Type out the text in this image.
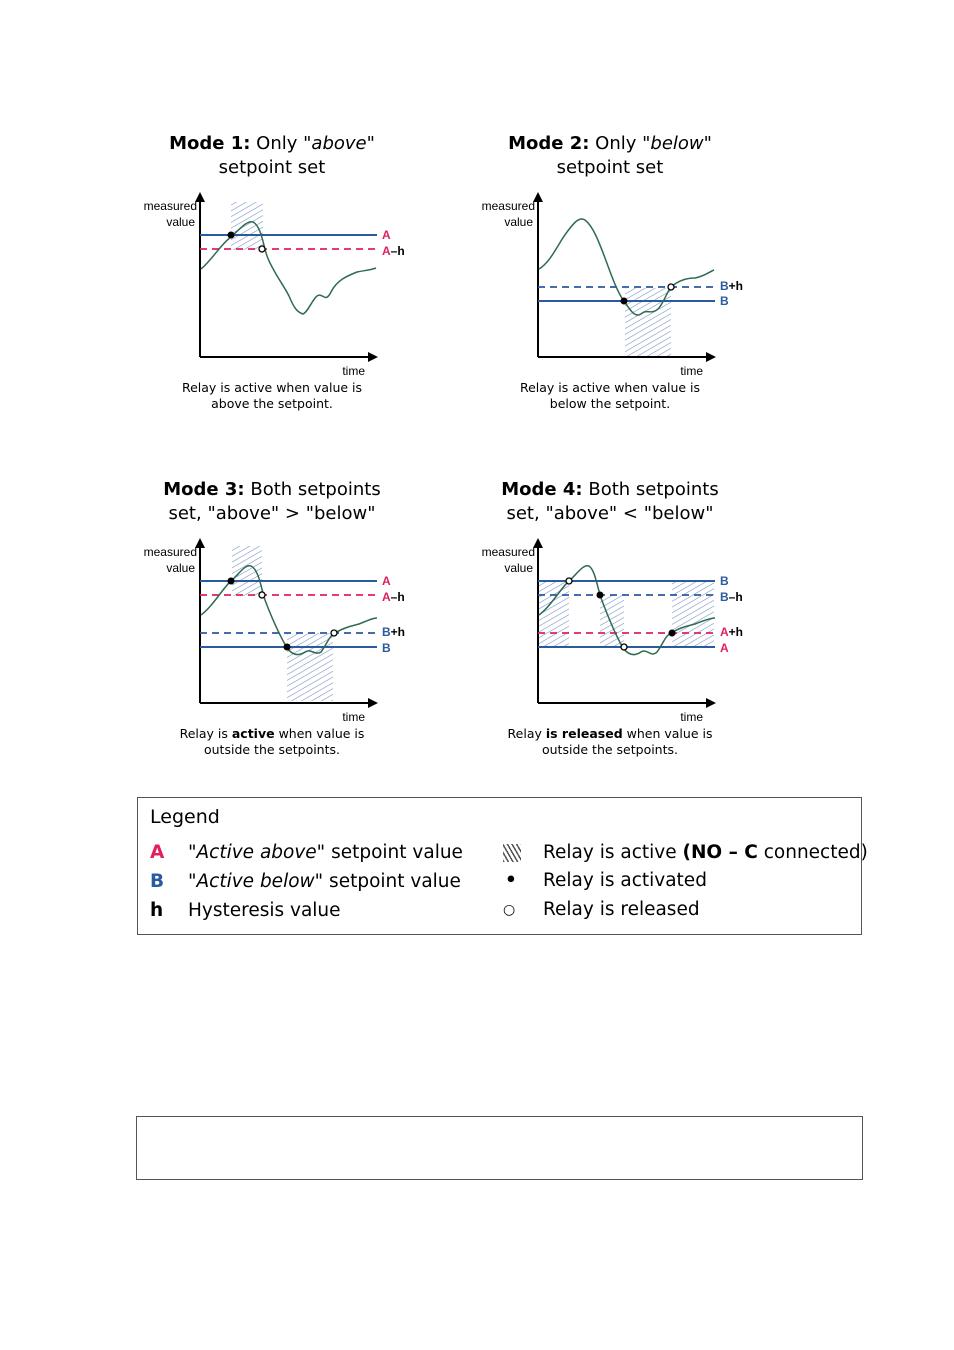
Mode 1: Only "above"
setpoint set
measured
value
time
A
A–h
Relay is active when value is
above the setpoint.
Mode 2: Only "below"
setpoint set
measured
value
time
B+h
B
Relay is active when value is
below the setpoint.
Mode 3: Both setpoints
set, "above" > "below"
measured
value
time
A
A–h
B+h
B
Relay is active when value is
outside the setpoints.
Mode 4: Both setpoints
set, "above" < "below"
measured
value
time
B
B–h
A+h
A
Relay is released when value is
outside the setpoints.
Legend
A "Active above" setpoint value
B "Active below" setpoint value
h Hysteresis value
Relay is active (NO – C connected)
• Relay is activated
○ Relay is released
